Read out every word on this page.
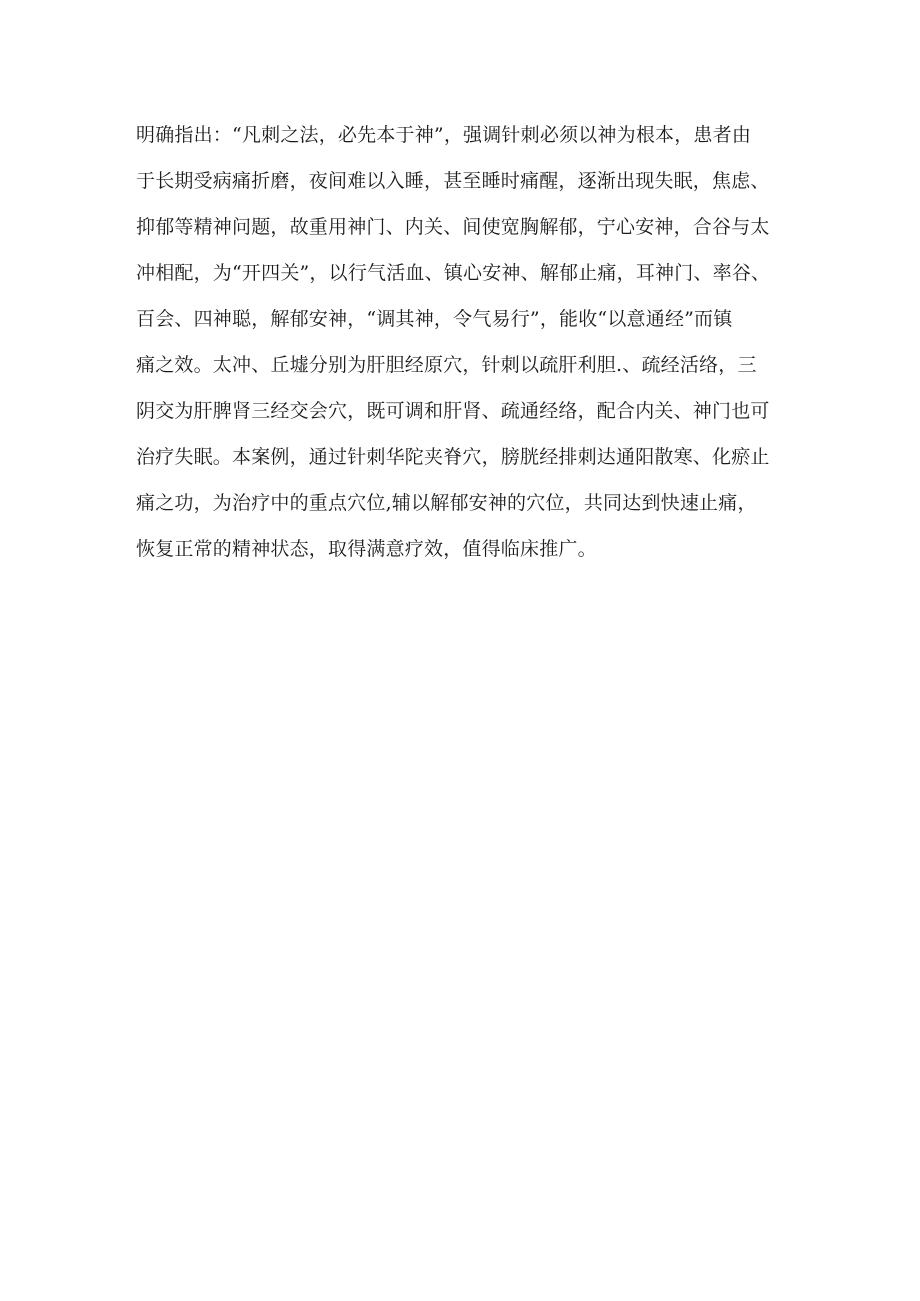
明确指出：“凡刺之法，必先本于神”，强调针刺必须以神为根本，患者由
于长期受病痛折磨，夜间难以入睡，甚至睡时痛醒，逐渐出现失眠，焦虑、
抑郁等精神问题，故重用神门、内关、间使宽胸解郁，宁心安神，合谷与太
冲相配，为“开四关”，以行气活血、镇心安神、解郁止痛，耳神门、率谷、
百会、四神聪，解郁安神，“调其神，令气易行”，能收“以意通经”而镇
痛之效。太冲、丘墟分别为肝胆经原穴，针刺以疏肝利胆.、疏经活络，三
阴交为肝脾肾三经交会穴，既可调和肝肾、疏通经络，配合内关、神门也可
治疗失眠。本案例，通过针刺华陀夹脊穴，膀胱经排刺达通阳散寒、化瘀止
痛之功，为治疗中的重点穴位,辅以解郁安神的穴位，共同达到快速止痛，
恢复正常的精神状态，取得满意疗效，值得临床推广。
